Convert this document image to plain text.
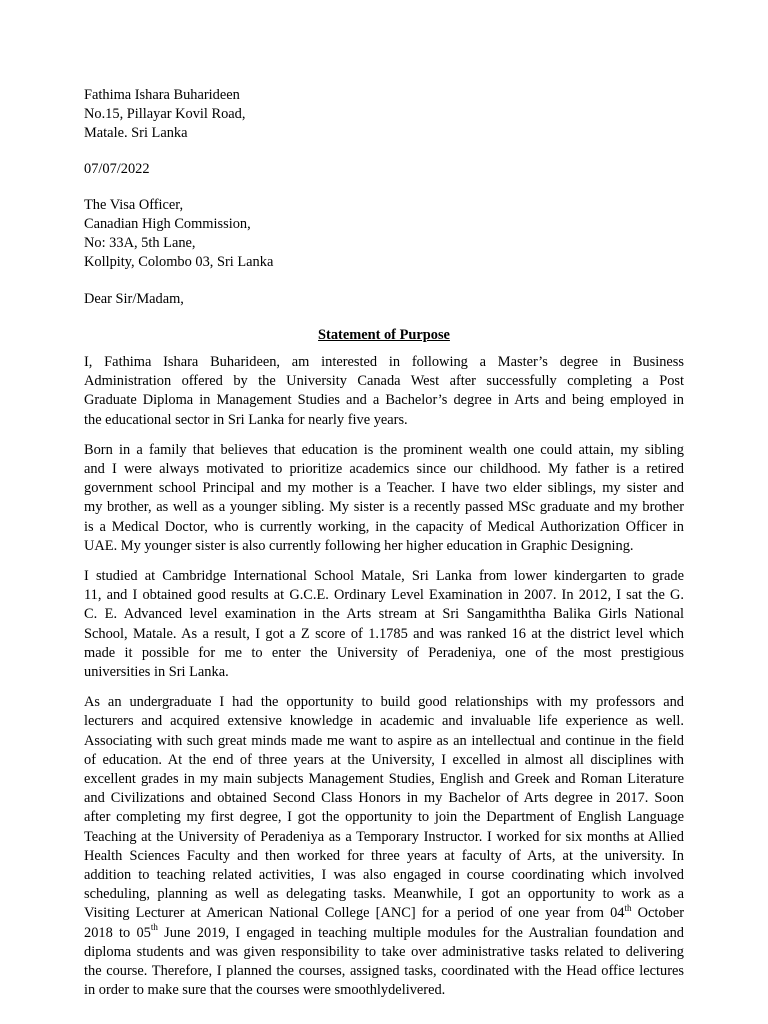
Fathima Ishara Buharideen
No.15, Pillayar Kovil Road,
Matale. Sri Lanka
07/07/2022
The Visa Officer,
Canadian High Commission,
No: 33A, 5th Lane,
Kollpity, Colombo 03, Sri Lanka
Dear Sir/Madam,
Statement of Purpose
I, Fathima Ishara Buharideen, am interested in following a Master’s degree in Business
Administration offered by the University Canada West after successfully completing a Post
Graduate Diploma in Management Studies and a Bachelor’s degree in Arts and being employed in
the educational sector in Sri Lanka for nearly five years.
Born in a family that believes that education is the prominent wealth one could attain, my sibling
and I were always motivated to prioritize academics since our childhood. My father is a retired
government school Principal and my mother is a Teacher. I have two elder siblings, my sister and
my brother, as well as a younger sibling. My sister is a recently passed MSc graduate and my brother
is a Medical Doctor, who is currently working, in the capacity of Medical Authorization Officer in
UAE. My younger sister is also currently following her higher education in Graphic Designing.
I studied at Cambridge International School Matale, Sri Lanka from lower kindergarten to grade
11, and I obtained good results at G.C.E. Ordinary Level Examination in 2007. In 2012, I sat the G.
C. E. Advanced level examination in the Arts stream at Sri Sangamiththa Balika Girls National
School, Matale. As a result, I got a Z score of 1.1785 and was ranked 16 at the district level which
made it possible for me to enter the University of Peradeniya, one of the most prestigious
universities in Sri Lanka.
As an undergraduate I had the opportunity to build good relationships with my professors and
lecturers and acquired extensive knowledge in academic and invaluable life experience as well.
Associating with such great minds made me want to aspire as an intellectual and continue in the field
of education. At the end of three years at the University, I excelled in almost all disciplines with
excellent grades in my main subjects Management Studies, English and Greek and Roman Literature
and Civilizations and obtained Second Class Honors in my Bachelor of Arts degree in 2017. Soon
after completing my first degree, I got the opportunity to join the Department of English Language
Teaching at the University of Peradeniya as a Temporary Instructor. I worked for six months at Allied
Health Sciences Faculty and then worked for three years at faculty of Arts, at the university. In
addition to teaching related activities, I was also engaged in course coordinating which involved
scheduling, planning as well as delegating tasks. Meanwhile, I got an opportunity to work as a
Visiting Lecturer at American National College [ANC] for a period of one year from 04th October
2018 to 05th June 2019, I engaged in teaching multiple modules for the Australian foundation and
diploma students and was given responsibility to take over administrative tasks related to delivering
the course. Therefore, I planned the courses, assigned tasks, coordinated with the Head office lectures
in order to make sure that the courses were smoothlydelivered.
